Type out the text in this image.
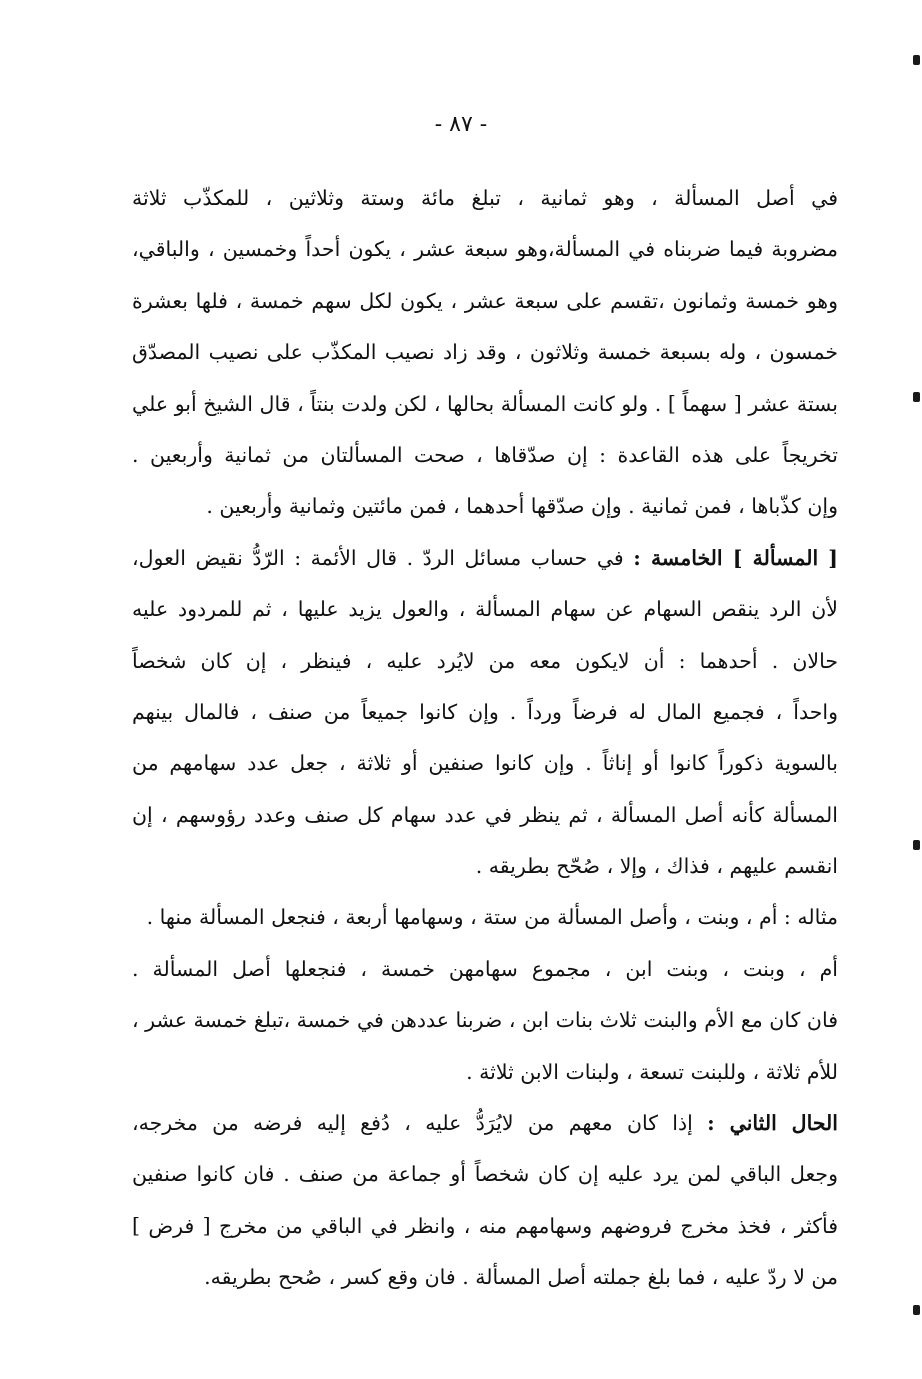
- ٨٧ -
في أصل المسألة ، وهو ثمانية ، تبلغ مائة وستة وثلاثين ، للمكذّب ثلاثة
مضروبة فيما ضربناه في المسألة،وهو سبعة عشر ، يكون أحداً وخمسين ، والباقي،
وهو خمسة وثمانون ،تقسم على سبعة عشر ، يكون لكل سهم خمسة ، فلها بعشرة
خمسون ، وله بسبعة خمسة وثلاثون ، وقد زاد نصيب المكذّب على نصيب المصدّق
بستة عشر [ سهماً ] . ولو كانت المسألة بحالها ، لكن ولدت بنتاً ، قال الشيخ أبو علي
تخريجاً على هذه القاعدة : إن صدّقاها ، صحت المسألتان من ثمانية وأربعين .
وإن كذّباها ، فمن ثمانية . وإن صدّقها أحدهما ، فمن مائتين وثمانية وأربعين .
[ المسألة ] الخامسة : في حساب مسائل الردّ . قال الأئمة : الرّدُّ نقيض العول،
لأن الرد ينقص السهام عن سهام المسألة ، والعول يزيد عليها ، ثم للمردود عليه
حالان . أحدهما : أن لايكون معه من لايُرد عليه ، فينظر ، إن كان شخصاً
واحداً ، فجميع المال له فرضاً ورداً . وإن كانوا جميعاً من صنف ، فالمال بينهم
بالسوية ذكوراً كانوا أو إناثاً . وإن كانوا صنفين أو ثلاثة ، جعل عدد سهامهم من
المسألة كأنه أصل المسألة ، ثم ينظر في عدد سهام كل صنف وعدد رؤوسهم ، إن
انقسم عليهم ، فذاك ، وإلا ، صُحّح بطريقه .
مثاله : أم ، وبنت ، وأصل المسألة من ستة ، وسهامها أربعة ، فنجعل المسألة منها .
أم ، وبنت ، وبنت ابن ، مجموع سهامهن خمسة ، فنجعلها أصل المسألة .
فان كان مع الأم والبنت ثلاث بنات ابن ، ضربنا عددهن في خمسة ،تبلغ خمسة عشر ،
للأم ثلاثة ، وللبنت تسعة ، ولبنات الابن ثلاثة .
الحال الثاني : إذا كان معهم من لايُرَدُّ عليه ، دُفع إليه فرضه من مخرجه،
وجعل الباقي لمن يرد عليه إن كان شخصاً أو جماعة من صنف . فان كانوا صنفين
فأكثر ، فخذ مخرج فروضهم وسهامهم منه ، وانظر في الباقي من مخرج [ فرض ]
من لا ردّ عليه ، فما بلغ جملته أصل المسألة . فان وقع كسر ، صُحح بطريقه.
